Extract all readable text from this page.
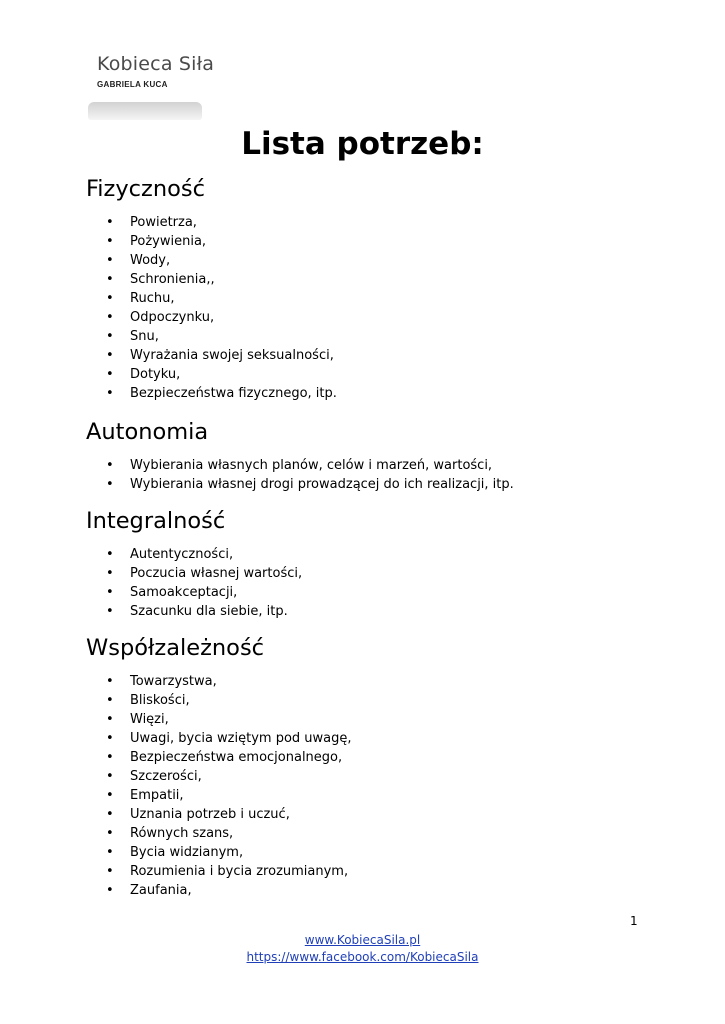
Kobieca Siła
GABRIELA KUCA
Lista potrzeb:
Fizyczność
• Powietrza,
• Pożywienia,
• Wody,
• Schronienia,,
• Ruchu,
• Odpoczynku,
• Snu,
• Wyrażania swojej seksualności,
• Dotyku,
• Bezpieczeństwa fizycznego, itp.
Autonomia
• Wybierania własnych planów, celów i marzeń, wartości,
• Wybierania własnej drogi prowadzącej do ich realizacji, itp.
Integralność
• Autentyczności,
• Poczucia własnej wartości,
• Samoakceptacji,
• Szacunku dla siebie, itp.
Współzależność
• Towarzystwa,
• Bliskości,
• Więzi,
• Uwagi, bycia wziętym pod uwagę,
• Bezpieczeństwa emocjonalnego,
• Szczerości,
• Empatii,
• Uznania potrzeb i uczuć,
• Równych szans,
• Bycia widzianym,
• Rozumienia i bycia zrozumianym,
• Zaufania,
1
www.KobiecaSila.pl
https://www.facebook.com/KobiecaSila
